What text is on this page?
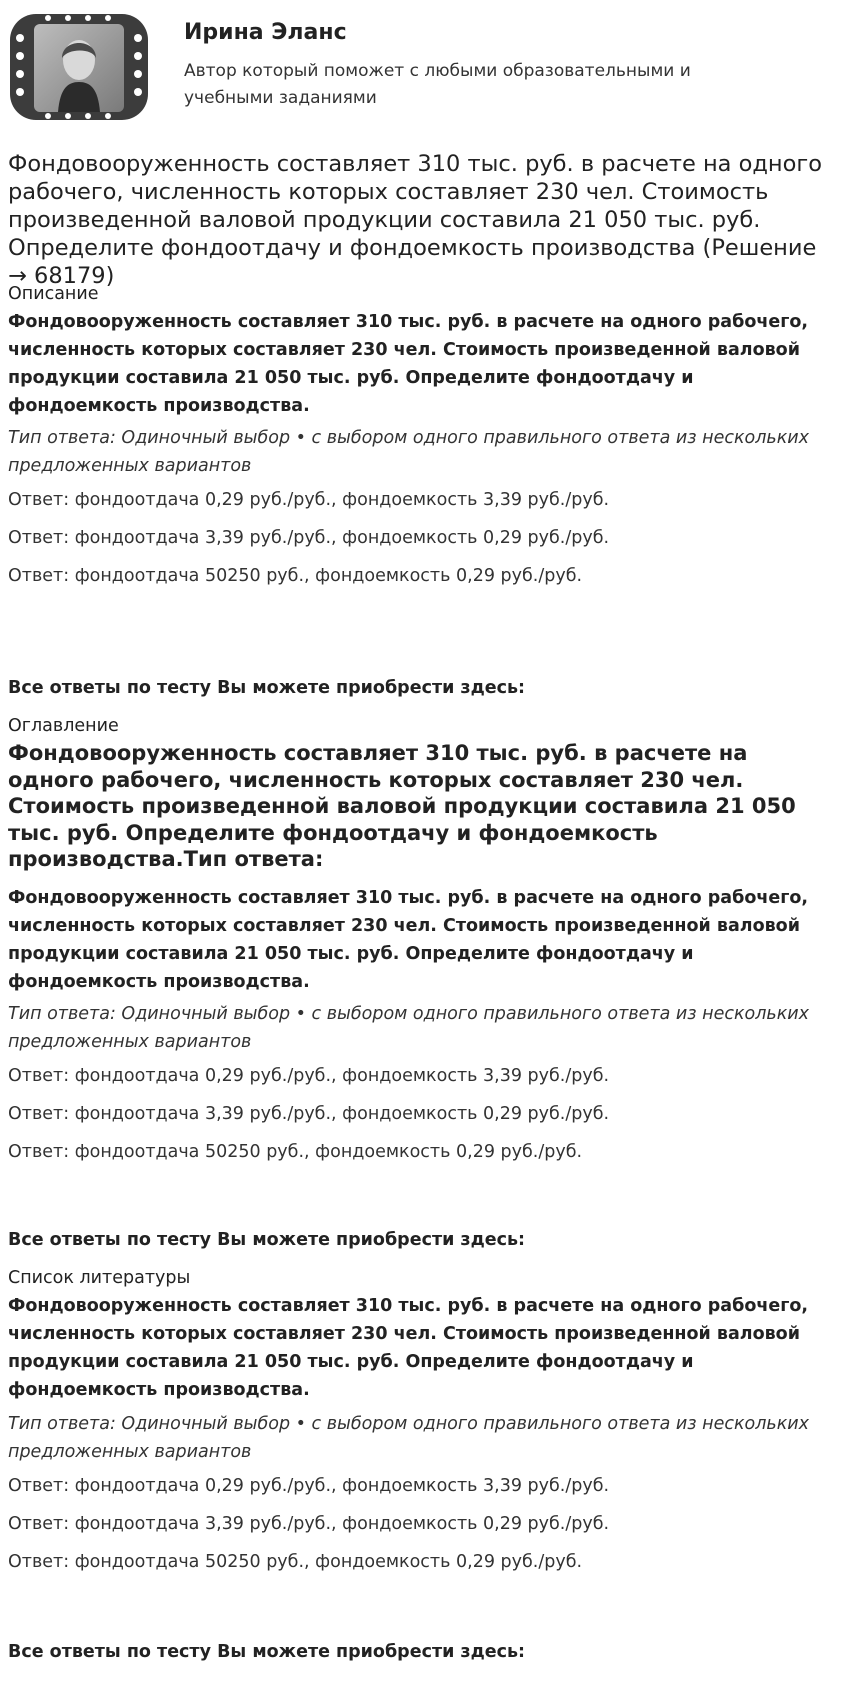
Ирина Эланс
Автор который поможет с любыми образовательными и учебными заданиями
Фондовооруженность составляет 310 тыс. руб. в расчете на одного рабочего, численность которых составляет 230 чел. Стоимость произведенной валовой продукции составила 21 050 тыс. руб. Определите фондоотдачу и фондоемкость производства (Решение → 68179)

Описание

Фондовооруженность составляет 310 тыс. руб. в расчете на одного рабочего, численность которых составляет 230 чел. Стоимость произведенной валовой продукции составила 21 050 тыс. руб. Определите фондоотдачу и фондоемкость производства.

Тип ответа: Одиночный выбор • с выбором одного правильного ответа из нескольких предложенных вариантов

Ответ: фондоотдача 0,29 руб./руб., фондоемкость 3,39 руб./руб.

Ответ: фондоотдача 3,39 руб./руб., фондоемкость 0,29 руб./руб.

Ответ: фондоотдача 50250 руб., фондоемкость 0,29 руб./руб.

Все ответы по тесту Вы можете приобрести здесь:

Оглавление

Фондовооруженность составляет 310 тыс. руб. в расчете на одного рабочего, численность которых составляет 230 чел. Стоимость произведенной валовой продукции составила 21 050 тыс. руб. Определите фондоотдачу и фондоемкость производства.Тип ответа:

Фондовооруженность составляет 310 тыс. руб. в расчете на одного рабочего, численность которых составляет 230 чел. Стоимость произведенной валовой продукции составила 21 050 тыс. руб. Определите фондоотдачу и фондоемкость производства.

Тип ответа: Одиночный выбор • с выбором одного правильного ответа из нескольких предложенных вариантов

Ответ: фондоотдача 0,29 руб./руб., фондоемкость 3,39 руб./руб.

Ответ: фондоотдача 3,39 руб./руб., фондоемкость 0,29 руб./руб.

Ответ: фондоотдача 50250 руб., фондоемкость 0,29 руб./руб.

Все ответы по тесту Вы можете приобрести здесь:

Список литературы

Фондовооруженность составляет 310 тыс. руб. в расчете на одного рабочего, численность которых составляет 230 чел. Стоимость произведенной валовой продукции составила 21 050 тыс. руб. Определите фондоотдачу и фондоемкость производства.

Тип ответа: Одиночный выбор • с выбором одного правильного ответа из нескольких предложенных вариантов

Ответ: фондоотдача 0,29 руб./руб., фондоемкость 3,39 руб./руб.

Ответ: фондоотдача 3,39 руб./руб., фондоемкость 0,29 руб./руб.

Ответ: фондоотдача 50250 руб., фондоемкость 0,29 руб./руб.

Все ответы по тесту Вы можете приобрести здесь:
